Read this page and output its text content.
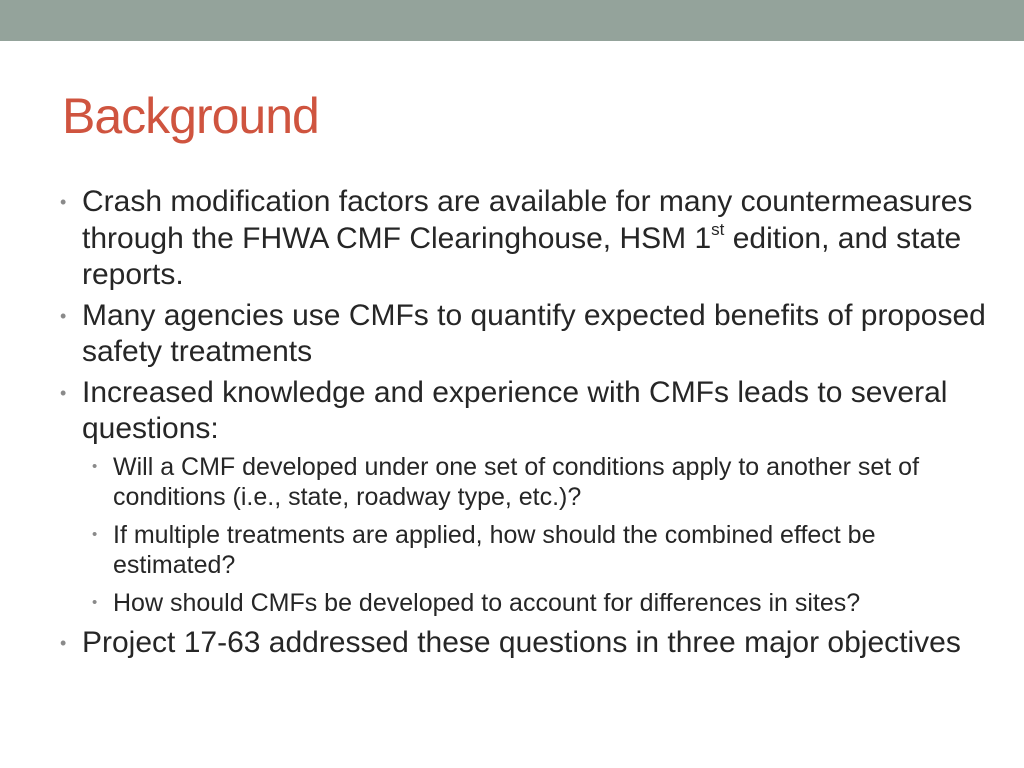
Background
• Crash modification factors are available for many countermeasures through the FHWA CMF Clearinghouse, HSM 1st edition, and state reports.
• Many agencies use CMFs to quantify expected benefits of proposed safety treatments
• Increased knowledge and experience with CMFs leads to several questions:
• Will a CMF developed under one set of conditions apply to another set of conditions (i.e., state, roadway type, etc.)?
• If multiple treatments are applied, how should the combined effect be estimated?
• How should CMFs be developed to account for differences in sites?
• Project 17-63 addressed these questions in three major objectives
